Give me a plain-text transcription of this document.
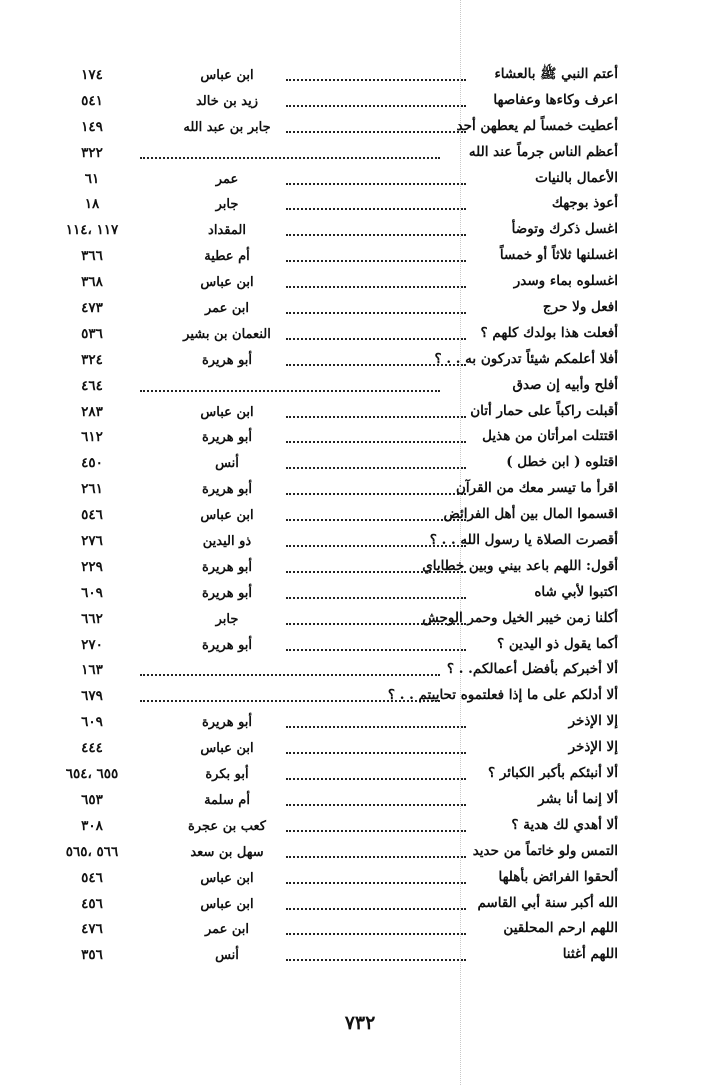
أعتم النبي ﷺ بالعشاء
ابن عباس
١٧٤
اعرف وكاءها وعفاصها
زيد بن خالد
٥٤١
أعطيت خمساً لم يعطهن أحد
جابر بن عبد الله
١٤٩
أعظم الناس جرماً عند الله
٣٢٢
الأعمال بالنيات
عمر
٦١
أعوذ بوجهك
جابر
١٨
اغسل ذكرك وتوضأ
المقداد
١١٧ ،١١٤
اغسلنها ثلاثاً أو خمساً
أم عطية
٣٦٦
اغسلوه بماء وسدر
ابن عباس
٣٦٨
افعل ولا حرج
ابن عمر
٤٧٣
أفعلت هذا بولدك كلهم ؟
النعمان بن بشير
٥٣٦
أفلا أعلمكم شيئاً تدركون به . . ؟
أبو هريرة
٣٢٤
أفلح وأبيه إن صدق
٤٦٤
أقبلت راكباً على حمار أتان
ابن عباس
٢٨٣
اقتتلت امرأتان من هذيل
أبو هريرة
٦١٢
اقتلوه ( ابن خطل )
أنس
٤٥٠
اقرأ ما تيسر معك من القرآن
أبو هريرة
٢٦١
اقسموا المال بين أهل الفرائض
ابن عباس
٥٤٦
أقصرت الصلاة يا رسول الله . . ؟
ذو اليدين
٢٧٦
أقول: اللهم باعد بيني وبين خطاياي
أبو هريرة
٢٢٩
اكتبوا لأبي شاه
أبو هريرة
٦٠٩
أكلنا زمن خيبر الخيل وحمر الوحش
جابر
٦٦٢
أكما يقول ذو اليدين ؟
أبو هريرة
٢٧٠
ألا أخبركم بأفضل أعمالكم. . ؟
١٦٣
ألا أدلكم على ما إذا فعلتموه تحاببتم . . ؟
٦٧٩
إلا الإذخر
أبو هريرة
٦٠٩
إلا الإذخر
ابن عباس
٤٤٤
ألا أنبئكم بأكبر الكبائر ؟
أبو بكرة
٦٥٥ ،٦٥٤
ألا إنما أنا بشر
أم سلمة
٦٥٣
ألا أهدي لك هدية ؟
كعب بن عجرة
٣٠٨
التمس ولو خاتماً من حديد
سهل بن سعد
٥٦٦ ،٥٦٥
ألحقوا الفرائض بأهلها
ابن عباس
٥٤٦
الله أكبر سنة أبي القاسم
ابن عباس
٤٥٦
اللهم ارحم المحلقين
ابن عمر
٤٧٦
اللهم أغثنا
أنس
٣٥٦
٧٣٢
